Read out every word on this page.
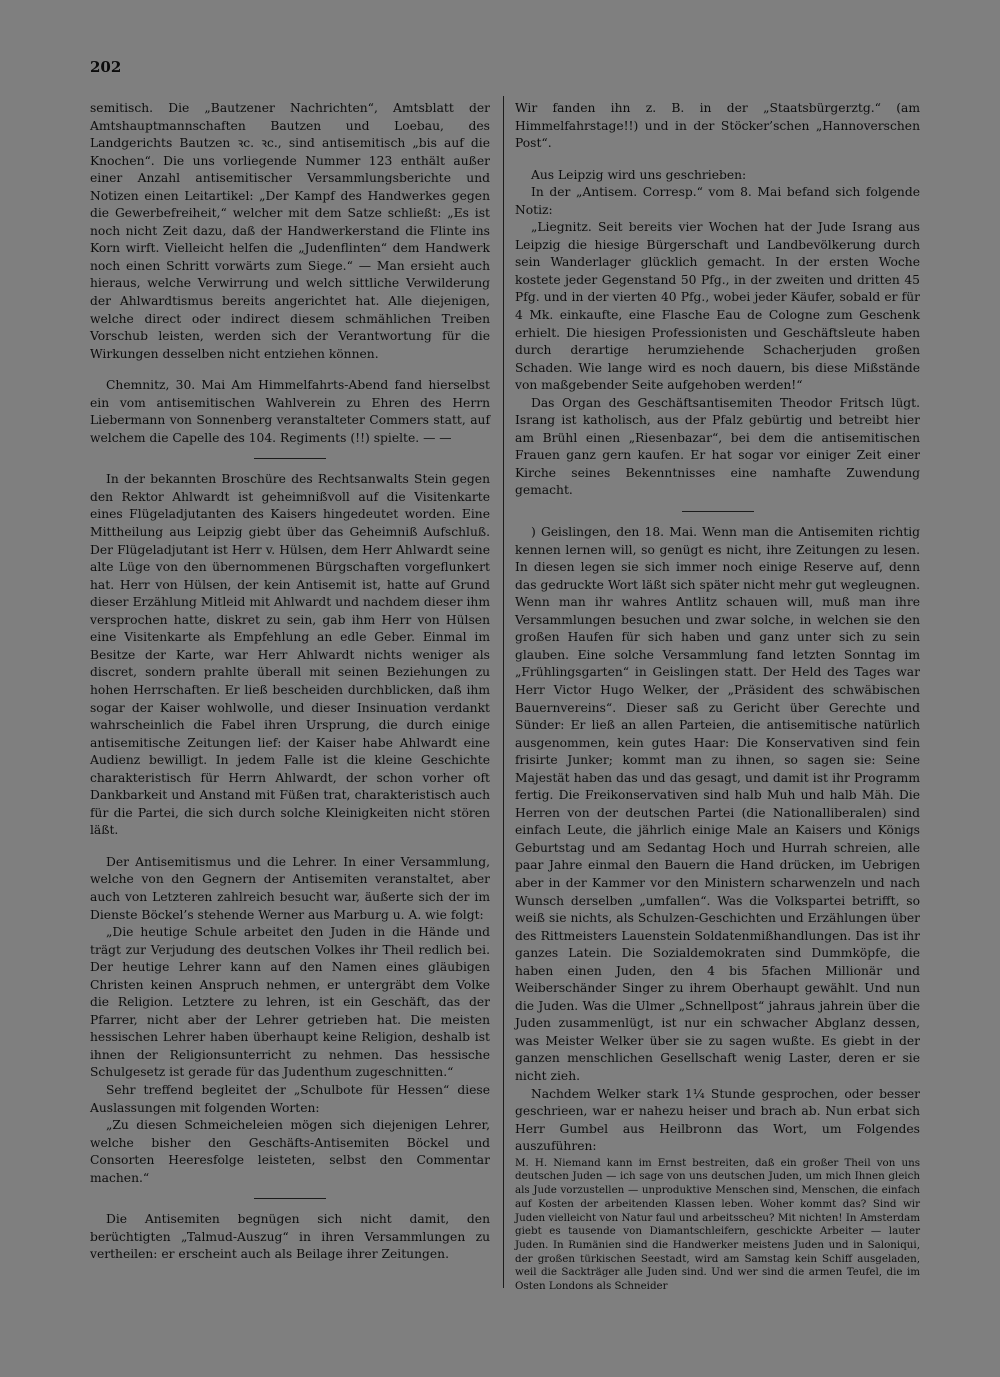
202

semitisch. Die „Bautzener Nachrichten“, Amtsblatt der Amtshauptmannschaften Bautzen und Loebau, des Landgerichts Bautzen ꝛc. ꝛc., sind antisemitisch „bis auf die Knochen“. Die uns vorliegende Nummer 123 enthält außer einer Anzahl antisemitischer Versammlungsberichte und Notizen einen Leitartikel: „Der Kampf des Handwerkes gegen die Gewerbefreiheit,“ welcher mit dem Satze schließt: „Es ist noch nicht Zeit dazu, daß der Handwerkerstand die Flinte ins Korn wirft. Vielleicht helfen die „Judenflinten“ dem Handwerk noch einen Schritt vorwärts zum Siege.“ — Man ersieht auch hieraus, welche Verwirrung und welch sittliche Verwilderung der Ahlwardtismus bereits angerichtet hat. Alle diejenigen, welche direct oder indirect diesem schmählichen Treiben Vorschub leisten, werden sich der Verantwortung für die Wirkungen desselben nicht entziehen können.

Chemnitz, 30. Mai Am Himmelfahrts-Abend fand hierselbst ein vom antisemitischen Wahlverein zu Ehren des Herrn Liebermann von Sonnenberg veranstalteter Commers statt, auf welchem die Capelle des 104. Regiments (!!) spielte. — —

In der bekannten Broschüre des Rechtsanwalts Stein gegen den Rektor Ahlwardt ist geheimnißvoll auf die Visitenkarte eines Flügeladjutanten des Kaisers hingedeutet worden. Eine Mittheilung aus Leipzig giebt über das Geheimniß Aufschluß. Der Flügeladjutant ist Herr v. Hülsen, dem Herr Ahlwardt seine alte Lüge von den übernommenen Bürgschaften vorgeflunkert hat. Herr von Hülsen, der kein Antisemit ist, hatte auf Grund dieser Erzählung Mitleid mit Ahlwardt und nachdem dieser ihm versprochen hatte, diskret zu sein, gab ihm Herr von Hülsen eine Visitenkarte als Empfehlung an edle Geber. Einmal im Besitze der Karte, war Herr Ahlwardt nichts weniger als discret, sondern prahlte überall mit seinen Beziehungen zu hohen Herrschaften. Er ließ bescheiden durchblicken, daß ihm sogar der Kaiser wohlwolle, und dieser Insinuation verdankt wahrscheinlich die Fabel ihren Ursprung, die durch einige antisemitische Zeitungen lief: der Kaiser habe Ahlwardt eine Audienz bewilligt. In jedem Falle ist die kleine Geschichte charakteristisch für Herrn Ahlwardt, der schon vorher oft Dankbarkeit und Anstand mit Füßen trat, charakteristisch auch für die Partei, die sich durch solche Kleinigkeiten nicht stören läßt.

Der Antisemitismus und die Lehrer. In einer Versammlung, welche von den Gegnern der Antisemiten veranstaltet, aber auch von Letzteren zahlreich besucht war, äußerte sich der im Dienste Böckel’s stehende Werner aus Marburg u. A. wie folgt:

„Die heutige Schule arbeitet den Juden in die Hände und trägt zur Verjudung des deutschen Volkes ihr Theil redlich bei. Der heutige Lehrer kann auf den Namen eines gläubigen Christen keinen Anspruch nehmen, er untergräbt dem Volke die Religion. Letztere zu lehren, ist ein Geschäft, das der Pfarrer, nicht aber der Lehrer getrieben hat. Die meisten hessischen Lehrer haben überhaupt keine Religion, deshalb ist ihnen der Religionsunterricht zu nehmen. Das hessische Schulgesetz ist gerade für das Judenthum zugeschnitten.“

Sehr treffend begleitet der „Schulbote für Hessen“ diese Auslassungen mit folgenden Worten:

„Zu diesen Schmeicheleien mögen sich diejenigen Lehrer, welche bisher den Geschäfts-Antisemiten Böckel und Consorten Heeresfolge leisteten, selbst den Commentar machen.“

Die Antisemiten begnügen sich nicht damit, den berüchtigten „Talmud-Auszug“ in ihren Versammlungen zu vertheilen: er erscheint auch als Beilage ihrer Zeitungen.

Wir fanden ihn z. B. in der „Staatsbürgerztg.“ (am Himmelfahrstage!!) und in der Stöcker’schen „Hannoverschen Post“.

Aus Leipzig wird uns geschrieben:

In der „Antisem. Corresp.“ vom 8. Mai befand sich folgende Notiz:

„Liegnitz. Seit bereits vier Wochen hat der Jude Israng aus Leipzig die hiesige Bürgerschaft und Landbevölkerung durch sein Wanderlager glücklich gemacht. In der ersten Woche kostete jeder Gegenstand 50 Pfg., in der zweiten und dritten 45 Pfg. und in der vierten 40 Pfg., wobei jeder Käufer, sobald er für 4 Mk. einkaufte, eine Flasche Eau de Cologne zum Geschenk erhielt. Die hiesigen Professionisten und Geschäftsleute haben durch derartige herumziehende Schacherjuden großen Schaden. Wie lange wird es noch dauern, bis diese Mißstände von maßgebender Seite aufgehoben werden!“

Das Organ des Geschäftsantisemiten Theodor Fritsch lügt. Israng ist katholisch, aus der Pfalz gebürtig und betreibt hier am Brühl einen „Riesenbazar“, bei dem die antisemitischen Frauen ganz gern kaufen. Er hat sogar vor einiger Zeit einer Kirche seines Bekenntnisses eine namhafte Zuwendung gemacht.

) Geislingen, den 18. Mai. Wenn man die Antisemiten richtig kennen lernen will, so genügt es nicht, ihre Zeitungen zu lesen. In diesen legen sie sich immer noch einige Reserve auf, denn das gedruckte Wort läßt sich später nicht mehr gut wegleugnen. Wenn man ihr wahres Antlitz schauen will, muß man ihre Versammlungen besuchen und zwar solche, in welchen sie den großen Haufen für sich haben und ganz unter sich zu sein glauben. Eine solche Versammlung fand letzten Sonntag im „Frühlingsgarten“ in Geislingen statt. Der Held des Tages war Herr Victor Hugo Welker, der „Präsident des schwäbischen Bauernvereins“. Dieser saß zu Gericht über Gerechte und Sünder: Er ließ an allen Parteien, die antisemitische natürlich ausgenommen, kein gutes Haar: Die Konservativen sind fein frisirte Junker; kommt man zu ihnen, so sagen sie: Seine Majestät haben das und das gesagt, und damit ist ihr Programm fertig. Die Freikonservativen sind halb Muh und halb Mäh. Die Herren von der deutschen Partei (die Nationalliberalen) sind einfach Leute, die jährlich einige Male an Kaisers und Königs Geburtstag und am Sedantag Hoch und Hurrah schreien, alle paar Jahre einmal den Bauern die Hand drücken, im Uebrigen aber in der Kammer vor den Ministern scharwenzeln und nach Wunsch derselben „umfallen“. Was die Volkspartei betrifft, so weiß sie nichts, als Schulzen-Geschichten und Erzählungen über des Rittmeisters Lauenstein Soldatenmißhandlungen. Das ist ihr ganzes Latein. Die Sozialdemokraten sind Dummköpfe, die haben einen Juden, den 4 bis 5fachen Millionär und Weiberschänder Singer zu ihrem Oberhaupt gewählt. Und nun die Juden. Was die Ulmer „Schnellpost“ jahraus jahrein über die Juden zusammenlügt, ist nur ein schwacher Abglanz dessen, was Meister Welker über sie zu sagen wußte. Es giebt in der ganzen menschlichen Gesellschaft wenig Laster, deren er sie nicht zieh.

Nachdem Welker stark 1¼ Stunde gesprochen, oder besser geschrieen, war er nahezu heiser und brach ab. Nun erbat sich Herr Gumbel aus Heilbronn das Wort, um Folgendes auszuführen:

M. H. Niemand kann im Ernst bestreiten, daß ein großer Theil von uns deutschen Juden — ich sage von uns deutschen Juden, um mich Ihnen gleich als Jude vorzustellen — unproduktive Menschen sind, Menschen, die einfach auf Kosten der arbeitenden Klassen leben. Woher kommt das? Sind wir Juden vielleicht von Natur faul und arbeitsscheu? Mit nichten! In Amsterdam giebt es tausende von Diamantschleifern, geschickte Arbeiter — lauter Juden. In Rumänien sind die Handwerker meistens Juden und in Saloniqui, der großen türkischen Seestadt, wird am Samstag kein Schiff ausgeladen, weil die Sackträger alle Juden sind. Und wer sind die armen Teufel, die im Osten Londons als Schneider
